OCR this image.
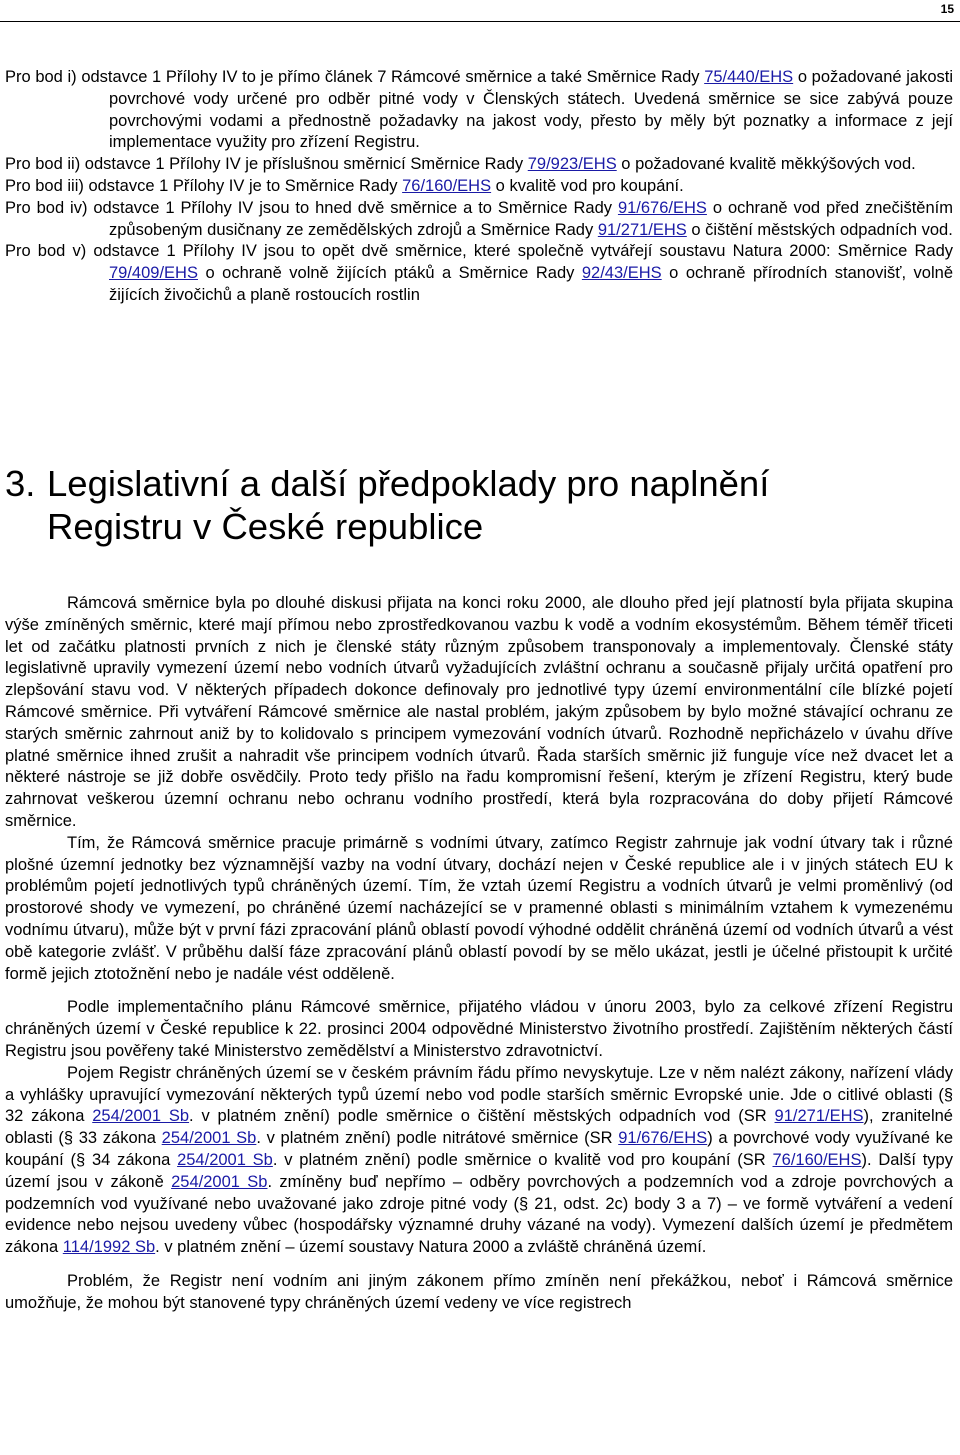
15

Pro bod i) odstavce 1 Přílohy IV to je přímo článek 7 Rámcové směrnice a také Směrnice Rady 75/440/EHS o požadované jakosti povrchové vody určené pro odběr pitné vody v Členských státech. Uvedená směrnice se sice zabývá pouze povrchovými vodami a přednostně požadavky na jakost vody, přesto by měly být poznatky a informace z její implementace využity pro zřízení Registru.

Pro bod ii) odstavce 1 Přílohy IV je příslušnou směrnicí Směrnice Rady 79/923/EHS o požadované kvalitě měkkýšových vod.

Pro bod iii) odstavce 1 Přílohy IV je to Směrnice Rady 76/160/EHS o kvalitě vod pro koupání.

Pro bod iv) odstavce 1 Přílohy IV jsou to hned dvě směrnice a to Směrnice Rady 91/676/EHS o ochraně vod před znečištěním způsobeným dusičnany ze zemědělských zdrojů a Směrnice Rady 91/271/EHS o čištění městských odpadních vod.

Pro bod v) odstavce 1 Přílohy IV jsou to opět dvě směrnice, které společně vytvářejí soustavu Natura 2000: Směrnice Rady 79/409/EHS o ochraně volně žijících ptáků a Směrnice Rady 92/43/EHS o ochraně přírodních stanovišť, volně žijících živočichů a planě rostoucích rostlin

3. Legislativní a další předpoklady pro naplnění
Registru v České republice

Rámcová směrnice byla po dlouhé diskusi přijata na konci roku 2000, ale dlouho před její platností byla přijata skupina výše zmíněných směrnic, které mají přímou nebo zprostředkovanou vazbu k vodě a vodním ekosystémům. Během téměř třiceti let od začátku platnosti prvních z nich je členské státy různým způsobem transponovaly a implementovaly. Členské státy legislativně upravily vymezení území nebo vodních útvarů vyžadujících zvláštní ochranu a současně přijaly určitá opatření pro zlepšování stavu vod. V některých případech dokonce definovaly pro jednotlivé typy území environmentální cíle blízké pojetí Rámcové směrnice. Při vytváření Rámcové směrnice ale nastal problém, jakým způsobem by bylo možné stávající ochranu ze starých směrnic zahrnout aniž by to kolidovalo s principem vymezování vodních útvarů. Rozhodně nepřicházelo v úvahu dříve platné směrnice ihned zrušit a nahradit vše principem vodních útvarů. Řada starších směrnic již funguje více než dvacet let a některé nástroje se již dobře osvědčily. Proto tedy přišlo na řadu kompromisní řešení, kterým je zřízení Registru, který bude zahrnovat veškerou územní ochranu nebo ochranu vodního prostředí, která byla rozpracována do doby přijetí Rámcové směrnice.

Tím, že Rámcová směrnice pracuje primárně s vodními útvary, zatímco Registr zahrnuje jak vodní útvary tak i různé plošné územní jednotky bez významnější vazby na vodní útvary, dochází nejen v České republice ale i v jiných státech EU k problémům pojetí jednotlivých typů chráněných území. Tím, že vztah území Registru a vodních útvarů je velmi proměnlivý (od prostorové shody ve vymezení, po chráněné území nacházející se v pramenné oblasti s minimálním vztahem k vymezenému vodnímu útvaru), může být v první fázi zpracování plánů oblastí povodí výhodné oddělit chráněná území od vodních útvarů a vést obě kategorie zvlášť. V průběhu další fáze zpracování plánů oblastí povodí by se mělo ukázat, jestli je účelné přistoupit k určité formě jejich ztotožnění nebo je nadále vést odděleně.

Podle implementačního plánu Rámcové směrnice, přijatého vládou v únoru 2003, bylo za celkové zřízení Registru chráněných území v České republice k 22. prosinci 2004 odpovědné Ministerstvo životního prostředí. Zajištěním některých částí Registru jsou pověřeny také Ministerstvo zemědělství a Ministerstvo zdravotnictví.

Pojem Registr chráněných území se v českém právním řádu přímo nevyskytuje. Lze v něm nalézt zákony, nařízení vlády a vyhlášky upravující vymezování některých typů území nebo vod podle starších směrnic Evropské unie. Jde o citlivé oblasti (§ 32 zákona 254/2001 Sb. v platném znění) podle směrnice o čištění městských odpadních vod (SR 91/271/EHS), zranitelné oblasti (§ 33 zákona 254/2001 Sb. v platném znění) podle nitrátové směrnice (SR 91/676/EHS) a povrchové vody využívané ke koupání (§ 34 zákona 254/2001 Sb. v platném znění) podle směrnice o kvalitě vod pro koupání (SR 76/160/EHS). Další typy území jsou v zákoně 254/2001 Sb. zmíněny buď nepřímo – odběry povrchových a podzemních vod a zdroje povrchových a podzemních vod využívané nebo uvažované jako zdroje pitné vody (§ 21, odst. 2c) body 3 a 7) – ve formě vytváření a vedení evidence nebo nejsou uvedeny vůbec (hospodářsky významné druhy vázané na vody). Vymezení dalších území je předmětem zákona 114/1992 Sb. v platném znění – území soustavy Natura 2000 a zvláště chráněná území.

Problém, že Registr není vodním ani jiným zákonem přímo zmíněn není překážkou, neboť i Rámcová směrnice umožňuje, že mohou být stanovené typy chráněných území vedeny ve více registrech
